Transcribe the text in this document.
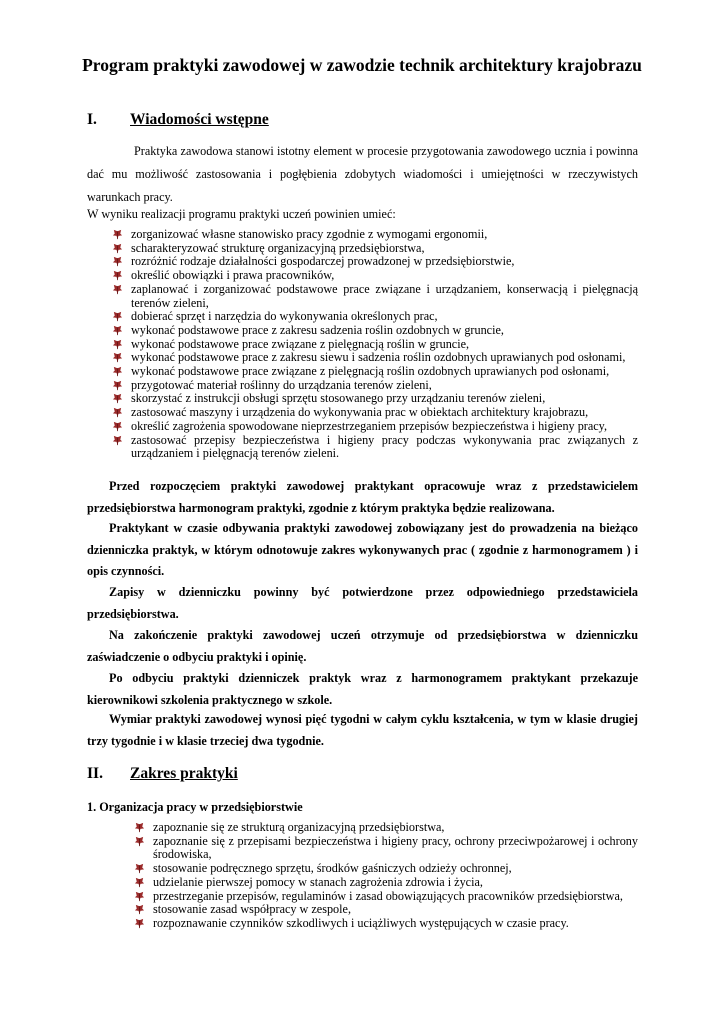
Program praktyki zawodowej w zawodzie technik architektury krajobrazu
I. Wiadomości wstępne

Praktyka zawodowa stanowi istotny element w procesie przygotowania zawodowego ucznia i powinna dać mu możliwość zastosowania i pogłębienia zdobytych wiadomości i umiejętności w rzeczywistych warunkach pracy.

W wyniku realizacji programu praktyki uczeń powinien umieć:

zorganizować własne stanowisko pracy zgodnie z wymogami ergonomii,
scharakteryzować strukturę organizacyjną przedsiębiorstwa,
rozróżnić rodzaje działalności gospodarczej prowadzonej w przedsiębiorstwie,
określić obowiązki i prawa pracowników,
zaplanować i zorganizować podstawowe prace związane i urządzaniem, konserwacją i pielęgnacją terenów zieleni,
dobierać sprzęt i narzędzia do wykonywania określonych prac,
wykonać podstawowe prace z zakresu sadzenia roślin ozdobnych w gruncie,
wykonać podstawowe prace związane z pielęgnacją roślin w gruncie,
wykonać podstawowe prace z zakresu siewu i sadzenia roślin ozdobnych uprawianych pod osłonami,
wykonać podstawowe prace związane z pielęgnacją roślin ozdobnych uprawianych pod osłonami,
przygotować materiał roślinny do urządzania terenów zieleni,
skorzystać z instrukcji obsługi sprzętu stosowanego przy urządzaniu terenów zieleni,
zastosować maszyny i urządzenia do wykonywania prac w obiektach architektury krajobrazu,
określić zagrożenia spowodowane nieprzestrzeganiem przepisów bezpieczeństwa i higieny pracy,
zastosować przepisy bezpieczeństwa i higieny pracy podczas wykonywania prac związanych z urządzaniem i pielęgnacją terenów zieleni.

Przed rozpoczęciem praktyki zawodowej praktykant opracowuje wraz z przedstawicielem przedsiębiorstwa harmonogram praktyki, zgodnie z którym praktyka będzie realizowana.

Praktykant w czasie odbywania praktyki zawodowej zobowiązany jest do prowadzenia na bieżąco dzienniczka praktyk, w którym odnotowuje zakres wykonywanych prac ( zgodnie z harmonogramem ) i opis czynności.

Zapisy w dzienniczku powinny być potwierdzone przez odpowiedniego przedstawiciela przedsiębiorstwa.

Na zakończenie praktyki zawodowej uczeń otrzymuje od przedsiębiorstwa w dzienniczku zaświadczenie o odbyciu praktyki i opinię.

Po odbyciu praktyki dzienniczek praktyk wraz z harmonogramem praktykant przekazuje kierownikowi szkolenia praktycznego w szkole.

Wymiar praktyki zawodowej wynosi pięć tygodni w całym cyklu kształcenia, w tym w klasie drugiej trzy tygodnie i w klasie trzeciej dwa tygodnie.

II. Zakres praktyki
1. Organizacja pracy w przedsiębiorstwie
zapoznanie się ze strukturą organizacyjną przedsiębiorstwa,
zapoznanie się z przepisami bezpieczeństwa i higieny pracy, ochrony przeciwpożarowej i ochrony środowiska,
stosowanie podręcznego sprzętu, środków gaśniczych odzieży ochronnej,
udzielanie pierwszej pomocy w stanach zagrożenia zdrowia i życia,
przestrzeganie przepisów, regulaminów i zasad obowiązujących pracowników przedsiębiorstwa,
stosowanie zasad współpracy w zespole,
rozpoznawanie czynników szkodliwych i uciążliwych występujących w czasie pracy.
